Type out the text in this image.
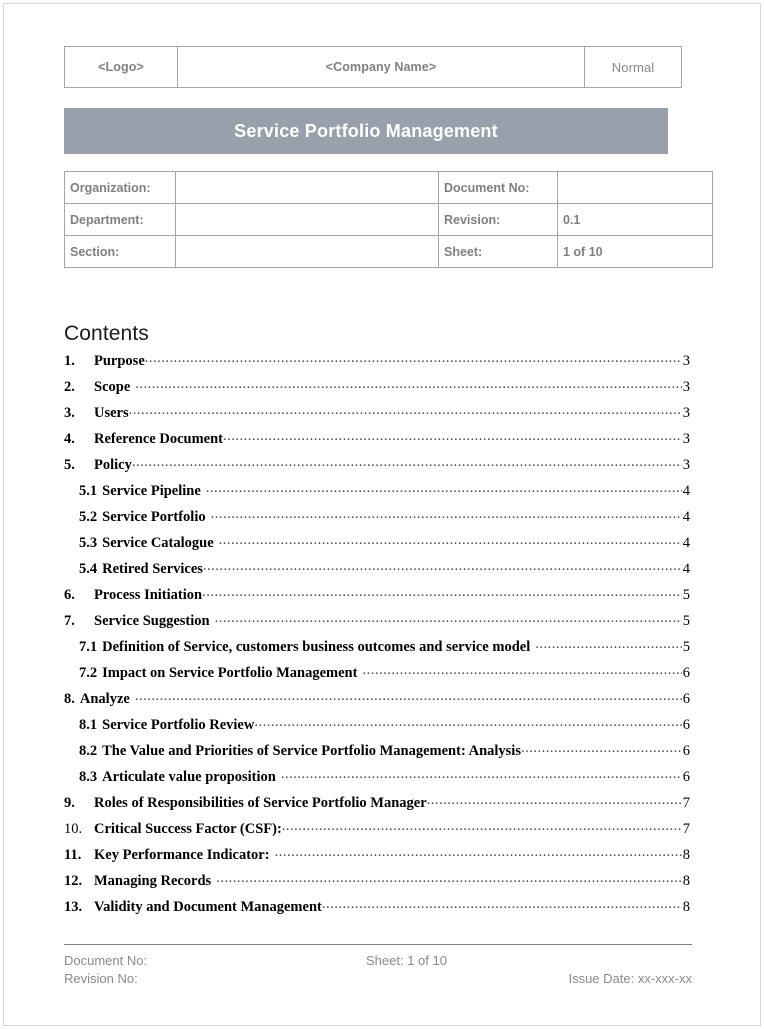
<Logo>	<Company Name>	Normal
Service Portfolio Management
Organization:		Document No:	
Department:		Revision:	0.1
Section:		Sheet:	1 of 10
Contents
1.	Purpose .....	3
2.	Scope .....	3
3.	Users .....	3
4.	Reference Document .....	3
5.	Policy .....	3
5.1 Service Pipeline .....	4
5.2 Service Portfolio .....	4
5.3 Service Catalogue .....	4
5.4 Retired Services .....	4
6.	Process Initiation .....	5
7.	Service Suggestion .....	5
7.1 Definition of Service, customers business outcomes and service model .....	5
7.2 Impact on Service Portfolio Management .....	6
8. Analyze .....	6
8.1 Service Portfolio Review .....	6
8.2 The Value and Priorities of Service Portfolio Management: Analysis .....	6
8.3 Articulate value proposition .....	6
9.	Roles of Responsibilities of Service Portfolio Manager .....	7
10. Critical Success Factor (CSF): .....	7
11. Key Performance Indicator: .....	8
12. Managing Records .....	8
13. Validity and Document Management .....	8
Document No:	Sheet: 1 of 10
Revision No:	Issue Date: xx-xxx-xx
